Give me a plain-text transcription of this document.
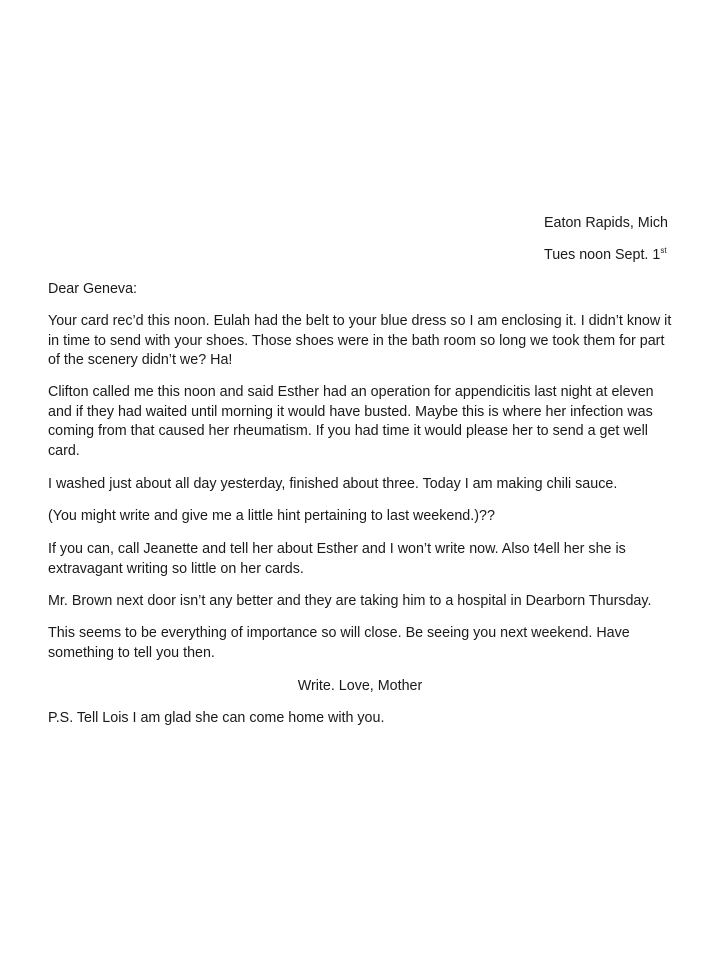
Eaton Rapids, Mich
Tues noon Sept. 1st

Dear Geneva:

Your card rec’d this noon. Eulah had the belt to your blue dress so I am enclosing it. I didn’t know it in time to send with your shoes. Those shoes were in the bath room so long we took them for part of the scenery didn’t we? Ha!

Clifton called me this noon and said Esther had an operation for appendicitis last night at eleven and if they had waited until morning it would have busted. Maybe this is where her infection was coming from that caused her rheumatism. If you had time it would please her to send a get well card.

I washed just about all day yesterday, finished about three. Today I am making chili sauce.

(You might write and give me a little hint pertaining to last weekend.)??

If you can, call Jeanette and tell her about Esther and I won’t write now. Also t4ell her she is extravagant writing so little on her cards.

Mr. Brown next door isn’t any better and they are taking him to a hospital in Dearborn Thursday.

This seems to be everything of importance so will close. Be seeing you next weekend. Have something to tell you then.

Write. Love, Mother

P.S. Tell Lois I am glad she can come home with you.
